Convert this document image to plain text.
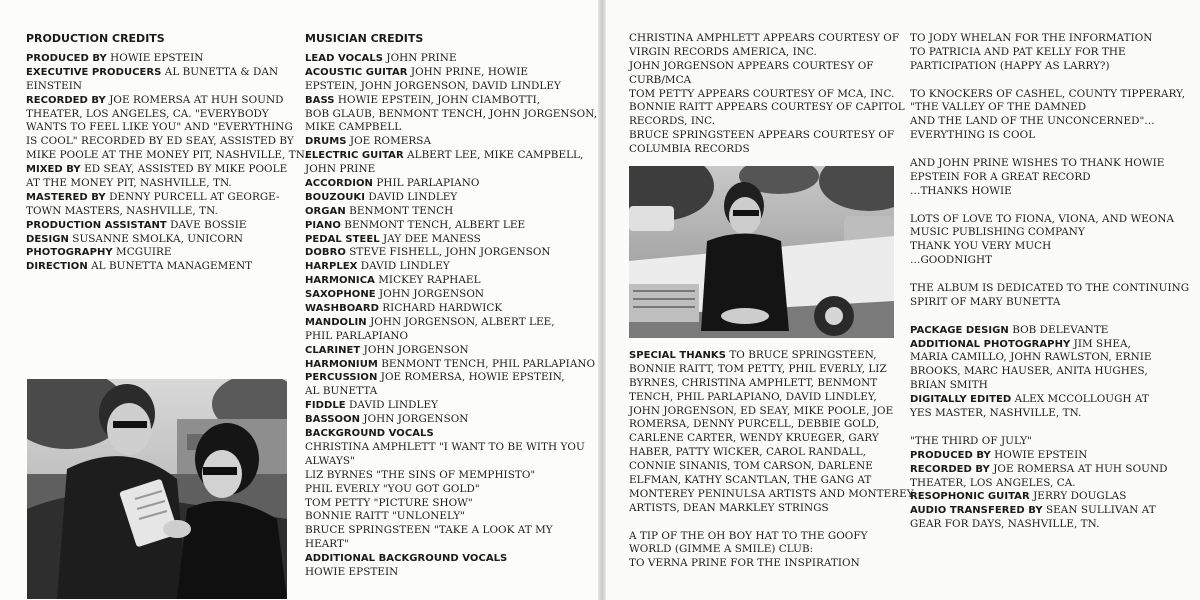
PRODUCTION CREDITS
PRODUCED BY HOWIE EPSTEIN
EXECUTIVE PRODUCERS AL BUNETTA & DAN
EINSTEIN
RECORDED BY JOE ROMERSA AT HUH SOUND
THEATER, LOS ANGELES, CA. "EVERYBODY
WANTS TO FEEL LIKE YOU" AND "EVERYTHING
IS COOL" RECORDED BY ED SEAY, ASSISTED BY
MIKE POOLE AT THE MONEY PIT, NASHVILLE, TN.
MIXED BY ED SEAY, ASSISTED BY MIKE POOLE
AT THE MONEY PIT, NASHVILLE, TN.
MASTERED BY DENNY PURCELL AT GEORGE-
TOWN MASTERS, NASHVILLE, TN.
PRODUCTION ASSISTANT DAVE BOSSIE
DESIGN SUSANNE SMOLKA, UNICORN
PHOTOGRAPHY MCGUIRE
DIRECTION AL BUNETTA MANAGEMENT
MUSICIAN CREDITS
LEAD VOCALS JOHN PRINE
ACOUSTIC GUITAR JOHN PRINE, HOWIE
EPSTEIN, JOHN JORGENSON, DAVID LINDLEY
BASS HOWIE EPSTEIN, JOHN CIAMBOTTI,
BOB GLAUB, BENMONT TENCH, JOHN JORGENSON,
MIKE CAMPBELL
DRUMS JOE ROMERSA
ELECTRIC GUITAR ALBERT LEE, MIKE CAMPBELL,
JOHN PRINE
ACCORDION PHIL PARLAPIANO
BOUZOUKI DAVID LINDLEY
ORGAN BENMONT TENCH
PIANO BENMONT TENCH, ALBERT LEE
PEDAL STEEL JAY DEE MANESS
DOBRO STEVE FISHELL, JOHN JORGENSON
HARPLEX DAVID LINDLEY
HARMONICA MICKEY RAPHAEL
SAXOPHONE JOHN JORGENSON
WASHBOARD RICHARD HARDWICK
MANDOLIN JOHN JORGENSON, ALBERT LEE,
PHIL PARLAPIANO
CLARINET JOHN JORGENSON
HARMONIUM BENMONT TENCH, PHIL PARLAPIANO
PERCUSSION JOE ROMERSA, HOWIE EPSTEIN,
AL BUNETTA
FIDDLE DAVID LINDLEY
BASSOON JOHN JORGENSON
BACKGROUND VOCALS
CHRISTINA AMPHLETT "I WANT TO BE WITH YOU
ALWAYS"
LIZ BYRNES "THE SINS OF MEMPHISTO"
PHIL EVERLY "YOU GOT GOLD"
TOM PETTY "PICTURE SHOW"
BONNIE RAITT "UNLONELY"
BRUCE SPRINGSTEEN "TAKE A LOOK AT MY
HEART"
ADDITIONAL BACKGROUND VOCALS
HOWIE EPSTEIN
CHRISTINA AMPHLETT APPEARS COURTESY OF
VIRGIN RECORDS AMERICA, INC.
JOHN JORGENSON APPEARS COURTESY OF
CURB/MCA
TOM PETTY APPEARS COURTESY OF MCA, INC.
BONNIE RAITT APPEARS COURTESY OF CAPITOL
RECORDS, INC.
BRUCE SPRINGSTEEN APPEARS COURTESY OF
COLUMBIA RECORDS
SPECIAL THANKS TO BRUCE SPRINGSTEEN,
BONNIE RAITT, TOM PETTY, PHIL EVERLY, LIZ
BYRNES, CHRISTINA AMPHLETT, BENMONT
TENCH, PHIL PARLAPIANO, DAVID LINDLEY,
JOHN JORGENSON, ED SEAY, MIKE POOLE, JOE
ROMERSA, DENNY PURCELL, DEBBIE GOLD,
CARLENE CARTER, WENDY KRUEGER, GARY
HABER, PATTY WICKER, CAROL RANDALL,
CONNIE SINANIS, TOM CARSON, DARLENE
ELFMAN, KATHY SCANTLAN, THE GANG AT
MONTEREY PENINULSA ARTISTS AND MONTEREY
ARTISTS, DEAN MARKLEY STRINGS
A TIP OF THE OH BOY HAT TO THE GOOFY
WORLD (GIMME A SMILE) CLUB:
TO VERNA PRINE FOR THE INSPIRATION
TO JODY WHELAN FOR THE INFORMATION
TO PATRICIA AND PAT KELLY FOR THE
PARTICIPATION (HAPPY AS LARRY?)
TO KNOCKERS OF CASHEL, COUNTY TIPPERARY,
"THE VALLEY OF THE DAMNED
AND THE LAND OF THE UNCONCERNED"…
EVERYTHING IS COOL
AND JOHN PRINE WISHES TO THANK HOWIE
EPSTEIN FOR A GREAT RECORD
…THANKS HOWIE
LOTS OF LOVE TO FIONA, VIONA, AND WEONA
MUSIC PUBLISHING COMPANY
THANK YOU VERY MUCH
…GOODNIGHT
THE ALBUM IS DEDICATED TO THE CONTINUING
SPIRIT OF MARY BUNETTA
PACKAGE DESIGN BOB DELEVANTE
ADDITIONAL PHOTOGRAPHY JIM SHEA,
MARIA CAMILLO, JOHN RAWLSTON, ERNIE
BROOKS, MARC HAUSER, ANITA HUGHES,
BRIAN SMITH
DIGITALLY EDITED ALEX MCCOLLOUGH AT
YES MASTER, NASHVILLE, TN.
"THE THIRD OF JULY"
PRODUCED BY HOWIE EPSTEIN
RECORDED BY JOE ROMERSA AT HUH SOUND
THEATER, LOS ANGELES, CA.
RESOPHONIC GUITAR JERRY DOUGLAS
AUDIO TRANSFERED BY SEAN SULLIVAN AT
GEAR FOR DAYS, NASHVILLE, TN.
